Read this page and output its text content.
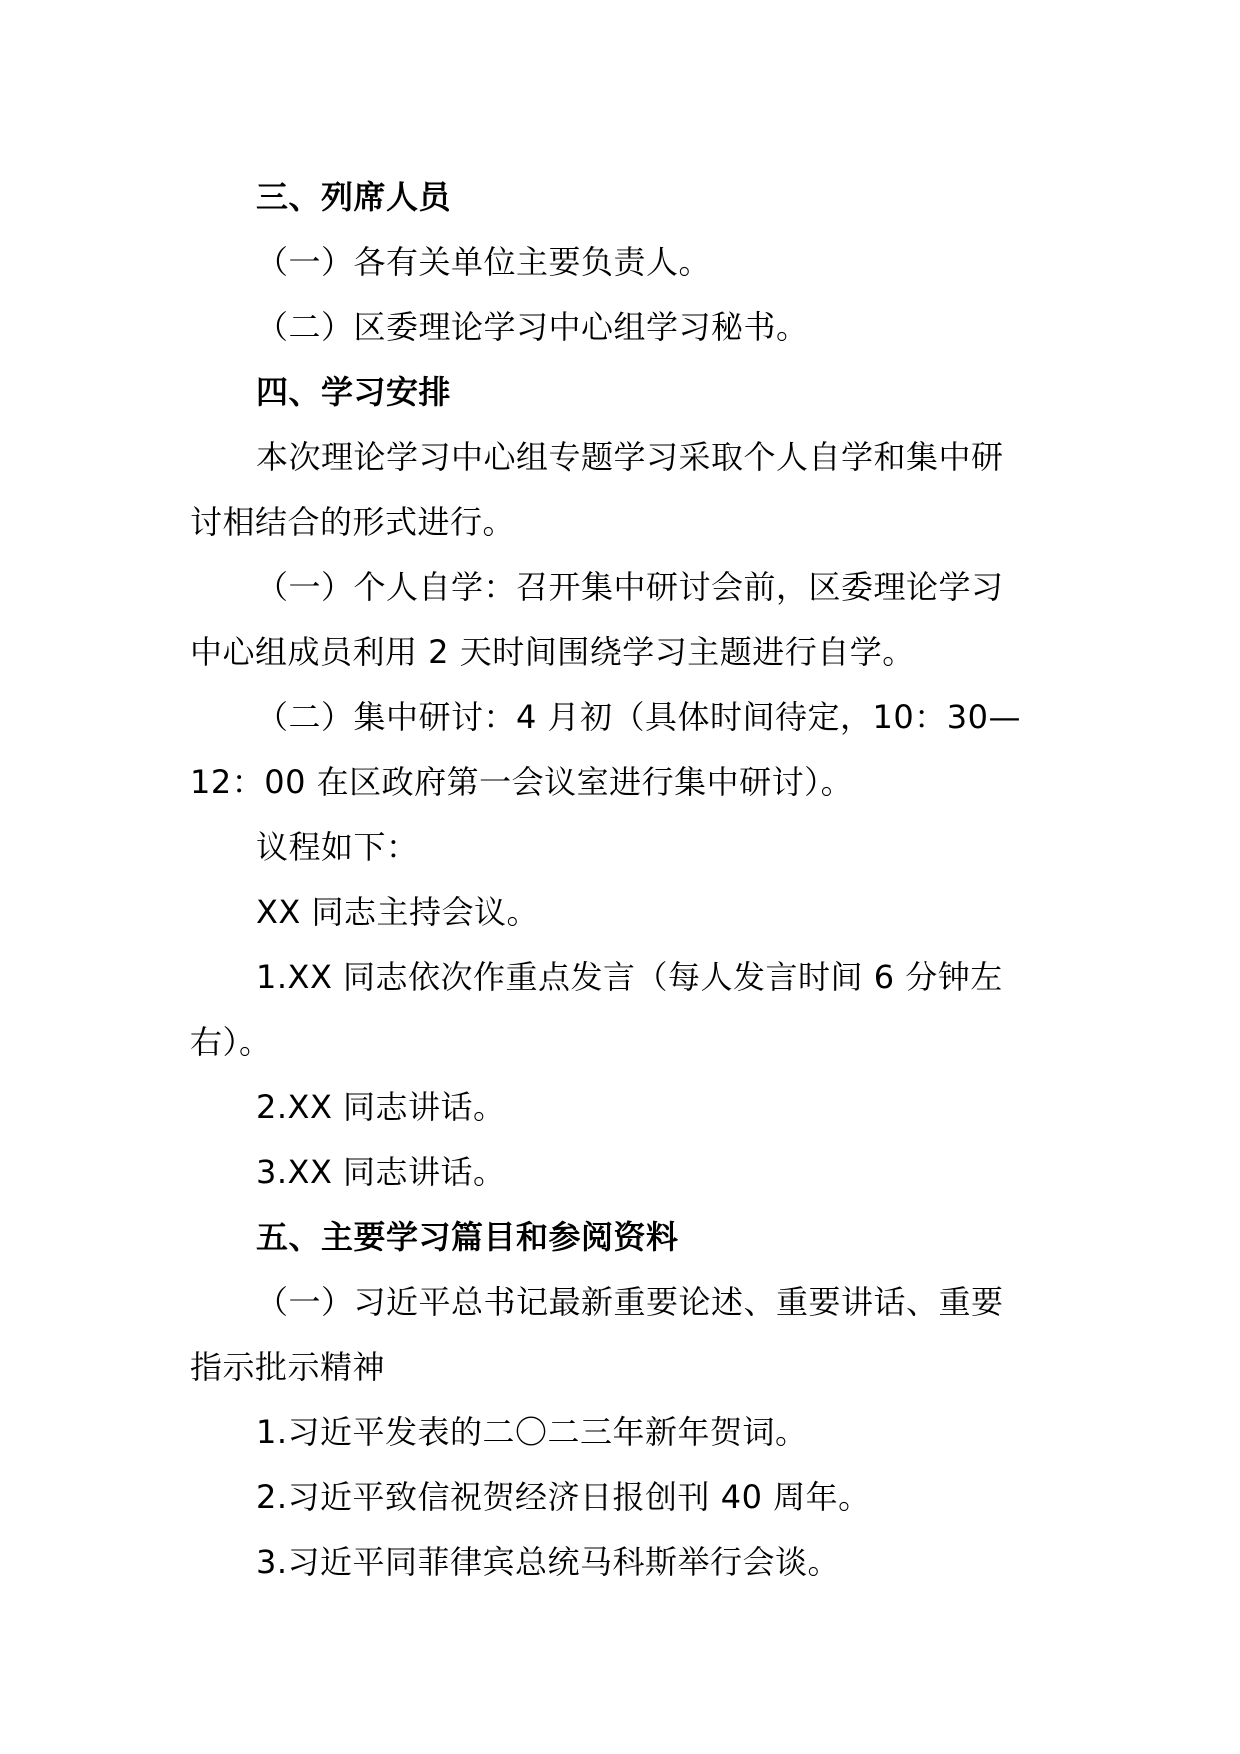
三、列席人员
（一）各有关单位主要负责人。
（二）区委理论学习中心组学习秘书。
四、学习安排
本次理论学习中心组专题学习采取个人自学和集中研
讨相结合的形式进行。
（一）个人自学：召开集中研讨会前，区委理论学习
中心组成员利用 2 天时间围绕学习主题进行自学。
（二）集中研讨：4 月初（具体时间待定，10：30—
12：00 在区政府第一会议室进行集中研讨）。
议程如下：
XX 同志主持会议。
1.XX 同志依次作重点发言（每人发言时间 6 分钟左
右）。
2.XX 同志讲话。
3.XX 同志讲话。
五、主要学习篇目和参阅资料
（一）习近平总书记最新重要论述、重要讲话、重要
指示批示精神
1.习近平发表的二〇二三年新年贺词。
2.习近平致信祝贺经济日报创刊 40 周年。
3.习近平同菲律宾总统马科斯举行会谈。
